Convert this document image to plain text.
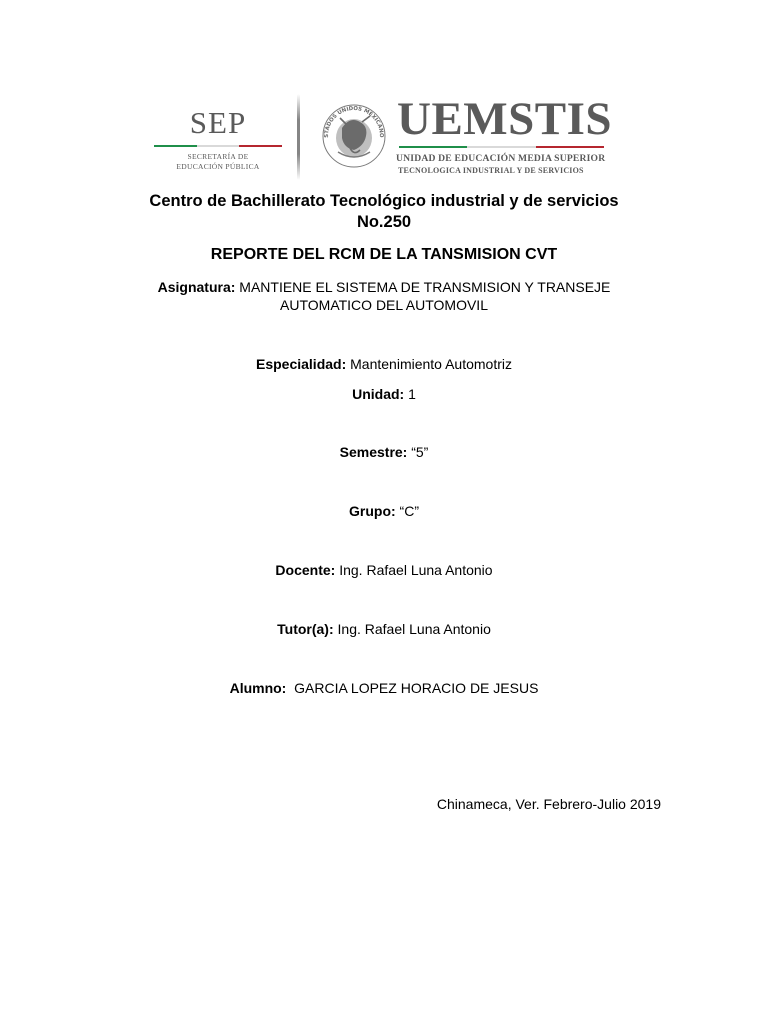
SEP
SECRETARÍA DE
EDUCACIÓN PÚBLICA
STADOS UNIDOS MEXICANO UEMSTIS
UNIDAD DE EDUCACIÓN MEDIA SUPERIOR
TECNOLOGICA INDUSTRIAL Y DE SERVICIOS
Centro de Bachillerato Tecnológico industrial y de servicios
No.250
REPORTE DEL RCM DE LA TANSMISION CVT
Asignatura: MANTIENE EL SISTEMA DE TRANSMISION Y TRANSEJE
AUTOMATICO DEL AUTOMOVIL
Especialidad: Mantenimiento Automotriz
Unidad: 1
Semestre: “5”
Grupo: “C”
Docente: Ing. Rafael Luna Antonio
Tutor(a): Ing. Rafael Luna Antonio
Alumno: GARCIA LOPEZ HORACIO DE JESUS
Chinameca, Ver. Febrero-Julio 2019
